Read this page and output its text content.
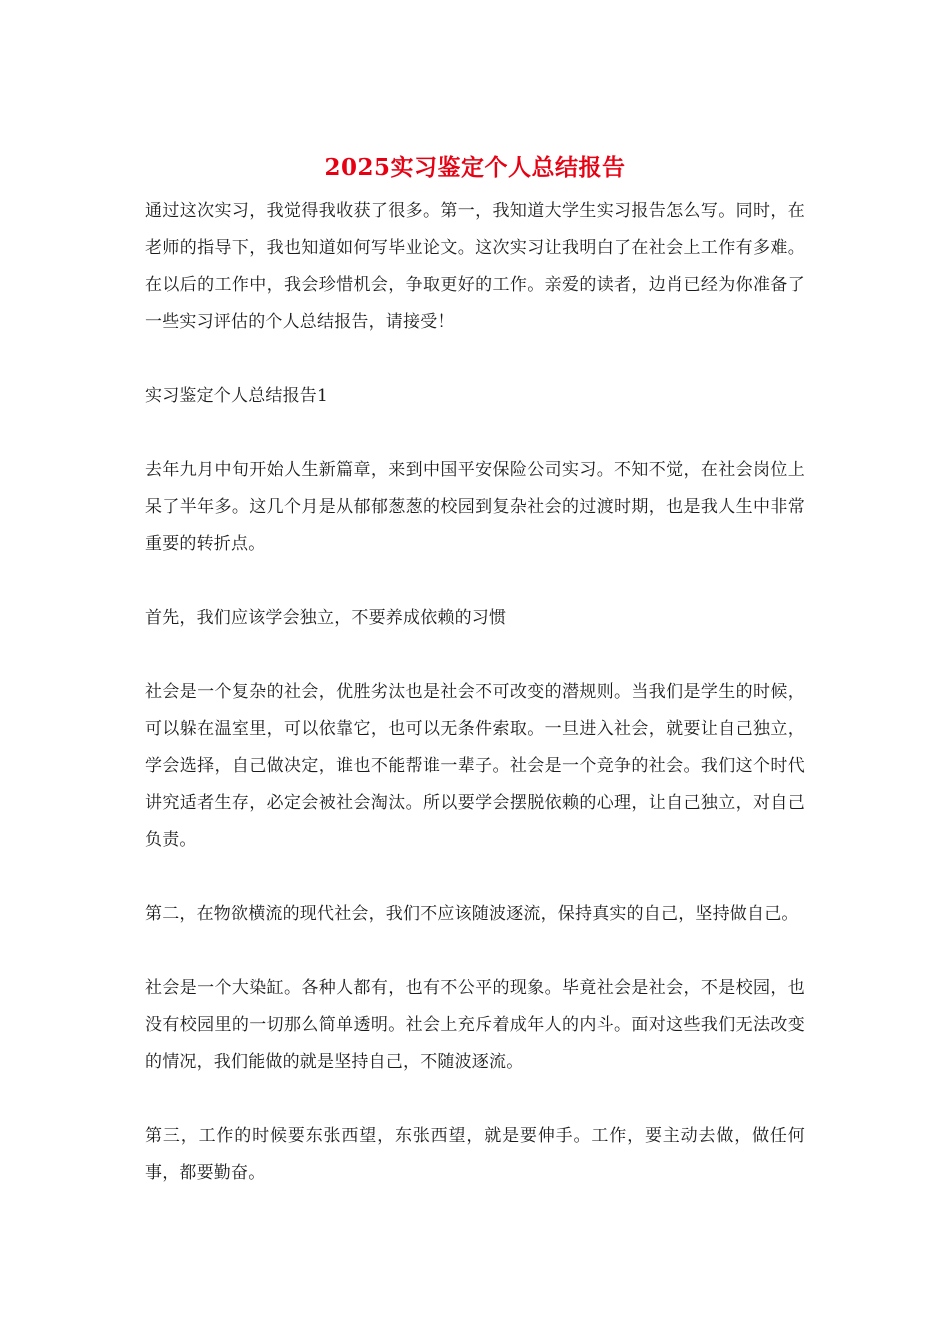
2025实习鉴定个人总结报告

通过这次实习，我觉得我收获了很多。第一，我知道大学生实习报告怎么写。同时，在老师的指导下，我也知道如何写毕业论文。这次实习让我明白了在社会上工作有多难。在以后的工作中，我会珍惜机会，争取更好的工作。亲爱的读者，边肖已经为你准备了一些实习评估的个人总结报告，请接受！

实习鉴定个人总结报告1

去年九月中旬开始人生新篇章，来到中国平安保险公司实习。不知不觉，在社会岗位上呆了半年多。这几个月是从郁郁葱葱的校园到复杂社会的过渡时期，也是我人生中非常重要的转折点。

首先，我们应该学会独立，不要养成依赖的习惯

社会是一个复杂的社会，优胜劣汰也是社会不可改变的潜规则。当我们是学生的时候，可以躲在温室里，可以依靠它，也可以无条件索取。一旦进入社会，就要让自己独立，学会选择，自己做决定，谁也不能帮谁一辈子。社会是一个竞争的社会。我们这个时代讲究适者生存，必定会被社会淘汰。所以要学会摆脱依赖的心理，让自己独立，对自己负责。

第二，在物欲横流的现代社会，我们不应该随波逐流，保持真实的自己，坚持做自己。

社会是一个大染缸。各种人都有，也有不公平的现象。毕竟社会是社会，不是校园，也没有校园里的一切那么简单透明。社会上充斥着成年人的内斗。面对这些我们无法改变的情况，我们能做的就是坚持自己，不随波逐流。

第三，工作的时候要东张西望，东张西望，就是要伸手。工作，要主动去做，做任何事，都要勤奋。
